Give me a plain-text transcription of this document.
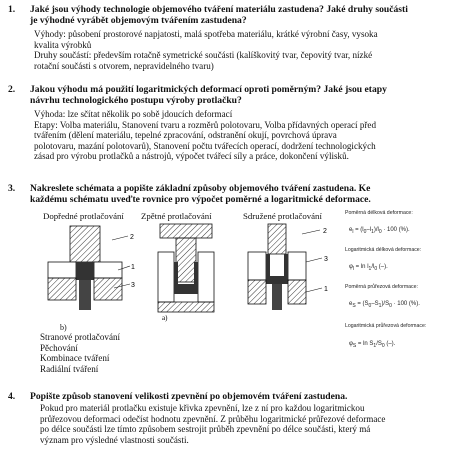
1. Jaké jsou výhody technologie objemového tváření materiálu zastudena? Jaké druhy součásti
je výhodné vyrábět objemovým tvářením zastudena?
Výhody: působení prostorové napjatosti, malá spotřeba materiálu, krátké výrobní časy, vysoka
kvalita výrobků
Druhy součástí: především rotačně symetrické součásti (kalíškovitý tvar, čepovitý tvar, nízké
rotační součásti s otvorem, nepravidelného tvaru)
2. Jakou výhodu má použití logaritmických deformací oproti poměrným? Jaké jsou etapy
návrhu technologického postupu výroby protlačku?
Výhoda: lze sčítat několik po sobě jdoucích deformací
Etapy: Volba materiálu, Stanovení tvaru a rozměrů polotovaru, Volba přídavných operací před
tvářením (dělení materiálu, tepelné zpracování, odstranění okují, povrchová úprava
polotovaru, mazání polotovarů), Stanovení počtu tvářecích operací, dodržení technologických
zásad pro výrobu protlačků a nástrojů, výpočet tvářecí síly a práce, dokončení výlisků.
3. Nakreslete schémata a popište základní způsoby objemového tváření zastudena. Ke
každému schématu uveďte rovnice pro výpočet poměrné a logaritmické deformace.
Dopředné protlačování Zpětné protlačování	Sdružené protlačování
2
1
3
a)
2
3
1
Poměrná délková deformace:
$e_l = (l_0-l_1)/l_0 \cdot 100$ (%).
Logaritmická délková deformace:
$\varphi_l = \ln l_1/l_0$ (–).
Poměrná průřezová deformace:
$e_S = (S_0-S_1)/S_0 \cdot 100$ (%).
Logaritmická průřezová deformace:
$\varphi_S = \ln S_1/S_0$ (–).
b)
Stranové protlačování
Pěchování
Kombinace tváření
Radiální tváření
4. Popište způsob stanovení velikosti zpevnění po objemovém tváření zastudena.
Pokud pro materiál protlačku existuje křivka zpevnění, lze z ní pro každou logaritmickou
průřezovou deformaci odečíst hodnotu zpevnění. Z průběhu logaritmické průřezové deformace
po délce součásti lze tímto způsobem sestrojit průběh zpevnění po délce součásti, který má
význam pro výsledné vlastnosti součásti.
